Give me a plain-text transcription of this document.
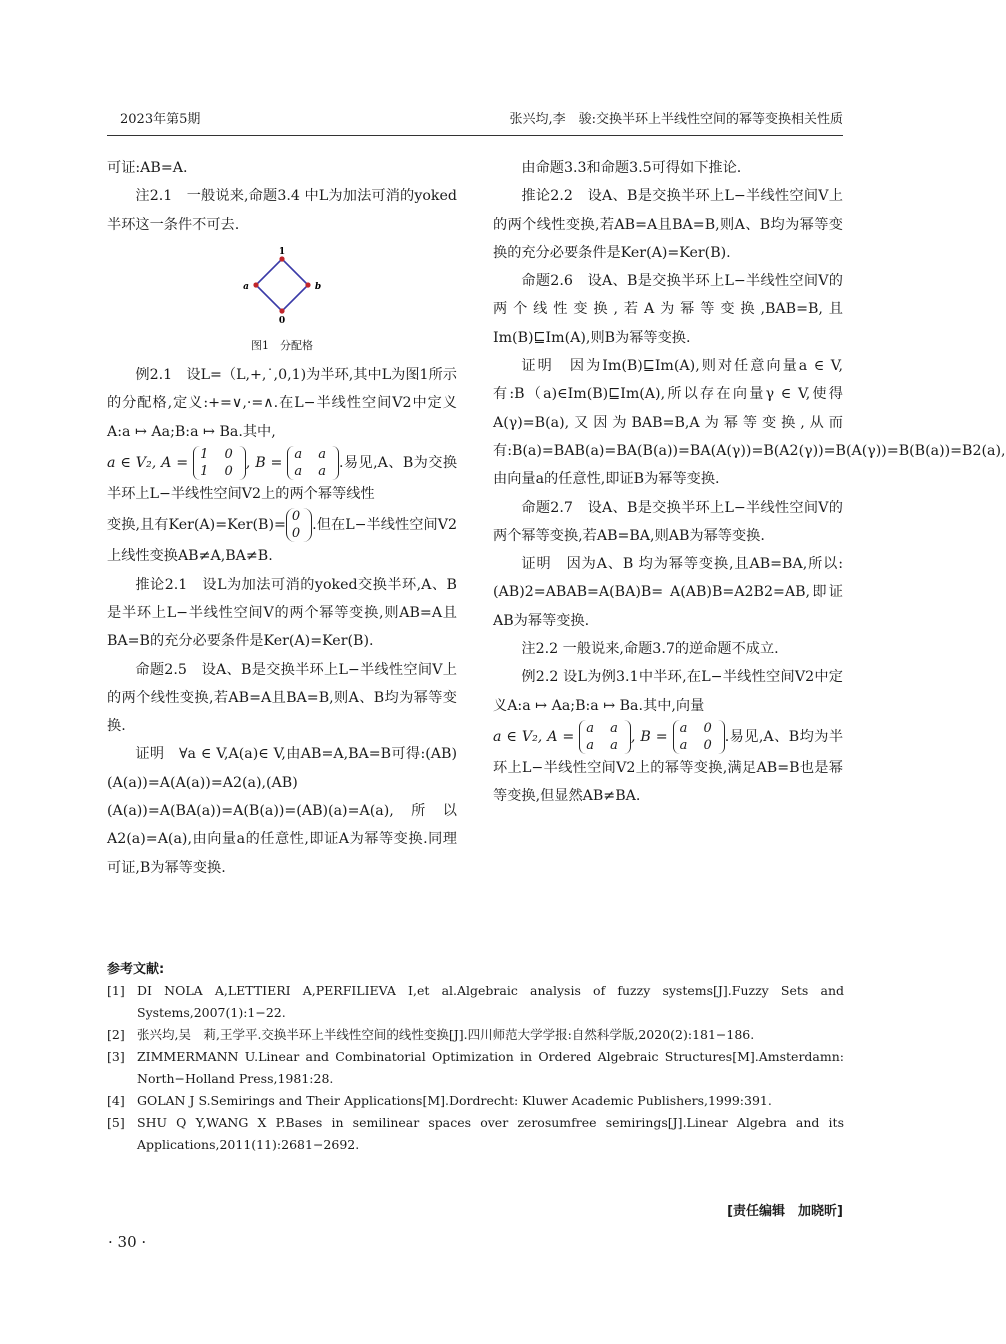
2023年第5期	张兴均,李　骏:交换半环上半线性空间的幂等变换相关性质

可证:AB=A.

注2.1　一般说来,命题3.4 中L为加法可消的yoked半环这一条件不可去.

1
a	b
0
图1　分配格

例2.1　设L=（L,+,˙,0,1)为半环,其中L为图1所示的分配格,定义:+=∨,·=∧.在L−半线性空间V2中定义A:a ↦ Aa;B:a ↦ Ba.其中,

a ∈ V₂, A =
1 0
1 0
, B =
a a
a a
.易见,A、B为交换半环上L−半线性空间V2上的两个幂等线性

变换,且有Ker(A)=Ker(B)=
0
0
.但在L−半线性空间V2上线性变换AB≠A,BA≠B.

推论2.1　设L为加法可消的yoked交换半环,A、B是半环上L−半线性空间V的两个幂等变换,则AB=A且BA=B的充分必要条件是Ker(A)=Ker(B).

命题2.5　设A、B是交换半环上L−半线性空间V上的两个线性变换,若AB=A且BA=B,则A、B均为幂等变换.

证明　∀a ∈ V,A(a)∈ V,由AB=A,BA=B可得:(AB)(A(a))=A(A(a))=A2(a),(AB)(A(a))=A(BA(a))=A(B(a))=(AB)(a)=A(a),所以A2(a)=A(a),由向量a的任意性,即证A为幂等变换.同理可证,B为幂等变换.

由命题3.3和命题3.5可得如下推论.

推论2.2　设A、B是交换半环上L−半线性空间V上的两个线性变换,若AB=A且BA=B,则A、B均为幂等变换的充分必要条件是Ker(A)=Ker(B).

命题2.6　设A、B是交换半环上L−半线性空间V的两个线性变换,若A为幂等变换,BAB=B,且Im(B)⊑Im(A),则B为幂等变换.

证明　因为Im(B)⊑Im(A),则对任意向量a ∈ V,有:B（a)∈Im(B)⊑Im(A),所以存在向量γ ∈ V,使得A(γ)=B(a),又因为BAB=B,A为幂等变换,从而有:B(a)=BAB(a)=BA(B(a))=BA(A(γ))=B(A2(γ))=B(A(γ))=B(B(a))=B2(a),由向量a的任意性,即证B为幂等变换.

命题2.7　设A、B是交换半环上L−半线性空间V的两个幂等变换,若AB=BA,则AB为幂等变换.

证明　因为A、B 均为幂等变换,且AB=BA,所以:(AB)2=ABAB=A(BA)B= A(AB)B=A2B2=AB,即证AB为幂等变换.

注2.2 一般说来,命题3.7的逆命题不成立.

例2.2 设L为例3.1中半环,在L−半线性空间V2中定义A:a ↦ Aa;B:a ↦ Ba.其中,向量

a ∈ V₂, A =
a a
a a
, B =
a 0
a 0
.易见,A、B均为半环上L−半线性空间V2上的幂等变换,满足AB=B也是幂等变换,但显然AB≠BA.

参考文献:
[1] DI NOLA A,LETTIERI A,PERFILIEVA I,et al.Algebraic analysis of fuzzy systems[J].Fuzzy Sets and Systems,2007(1):1−22.
[2] 张兴均,吴　莉,王学平.交换半环上半线性空间的线性变换[J].四川师范大学学报:自然科学版,2020(2):181−186.
[3] ZIMMERMANN U.Linear and Combinatorial Optimization in Ordered Algebraic Structures[M].Amsterdamn: North−Holland Press,1981:28.
[4] GOLAN J S.Semirings and Their Applications[M].Dordrecht: Kluwer Academic Publishers,1999:391.
[5] SHU Q Y,WANG X P.Bases in semilinear spaces over zerosumfree semirings[J].Linear Algebra and its Applications,2011(11):2681−2692.
[责任编辑　加晓昕]
· 30 ·
